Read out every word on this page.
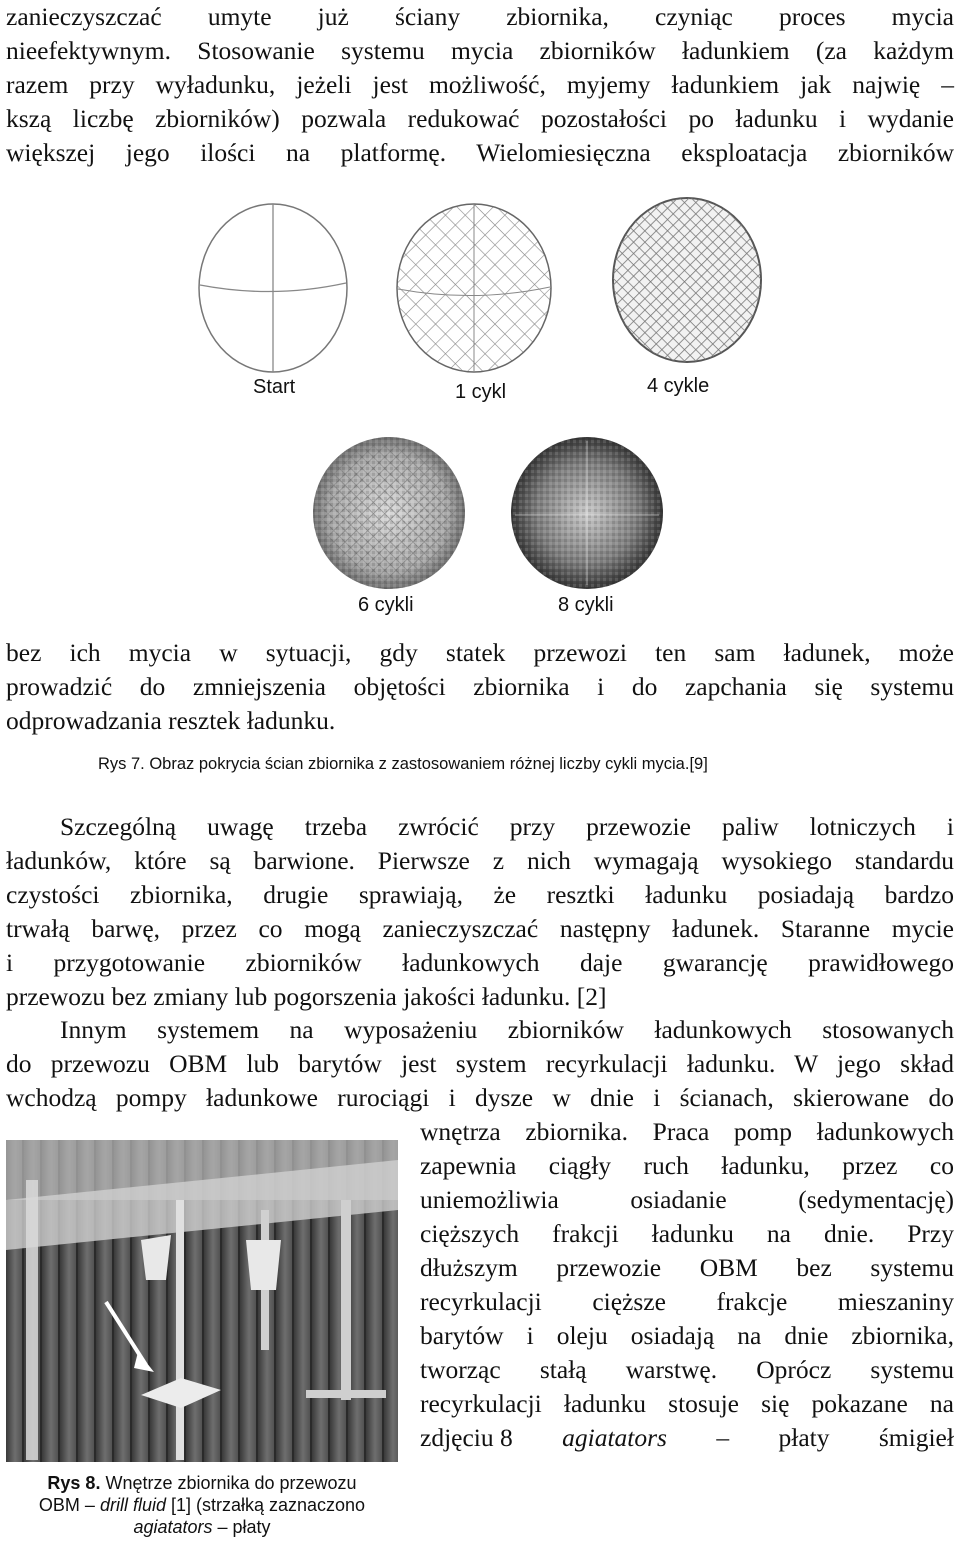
zanieczyszczać umyte już ściany zbiornika, czyniąc proces mycia
nieefektywnym. Stosowanie systemu mycia zbiorników ładunkiem (za każdym
razem przy wyładunku, jeżeli jest możliwość, myjemy ładunkiem jak najwię –
kszą liczbę zbiorników) pozwala redukować pozostałości po ładunku i wydanie
większej jego ilości na platformę. Wielomiesięczna eksploatacja zbiorników
Start	1 cykl	4 cykle
6 cykli	8 cykli
bez ich mycia w sytuacji, gdy statek przewozi ten sam ładunek, może
prowadzić do zmniejszenia objętości zbiornika i do zapchania się systemu
odprowadzania resztek ładunku.
Rys 7. Obraz pokrycia ścian zbiornika z zastosowaniem różnej liczby cykli mycia.[9]
Szczególną uwagę trzeba zwrócić przy przewozie paliw lotniczych i
ładunków, które są barwione. Pierwsze z nich wymagają wysokiego standardu
czystości zbiornika, drugie sprawiają, że resztki ładunku posiadają bardzo
trwałą barwę, przez co mogą zanieczyszczać następny ładunek. Staranne mycie
i przygotowanie zbiorników ładunkowych daje gwarancję prawidłowego
przewozu bez zmiany lub pogorszenia jakości ładunku. [2]
Innym systemem na wyposażeniu zbiorników ładunkowych stosowanych
do przewozu OBM lub barytów jest system recyrkulacji ładunku. W jego skład
wchodzą pompy ładunkowe rurociągi i dysze w dnie i ścianach, skierowane do
Rys 8. Wnętrze zbiornika do przewozu
OBM – drill fluid [1] (strzałką zaznaczono
agiatators – płaty
wnętrza zbiornika. Praca pomp ładunkowych
zapewnia ciągły ruch ładunku, przez co
uniemożliwia osiadanie (sedymentację)
cięższych frakcji ładunku na dnie. Przy
dłuższym przewozie OBM bez systemu
recyrkulacji cięższe frakcje mieszaniny
barytów i oleju osiadają na dnie zbiornika,
tworząc stałą warstwę. Oprócz systemu
recyrkulacji ładunku stosuje się pokazane na
zdjęciu 8 agiatators – płaty śmigieł
